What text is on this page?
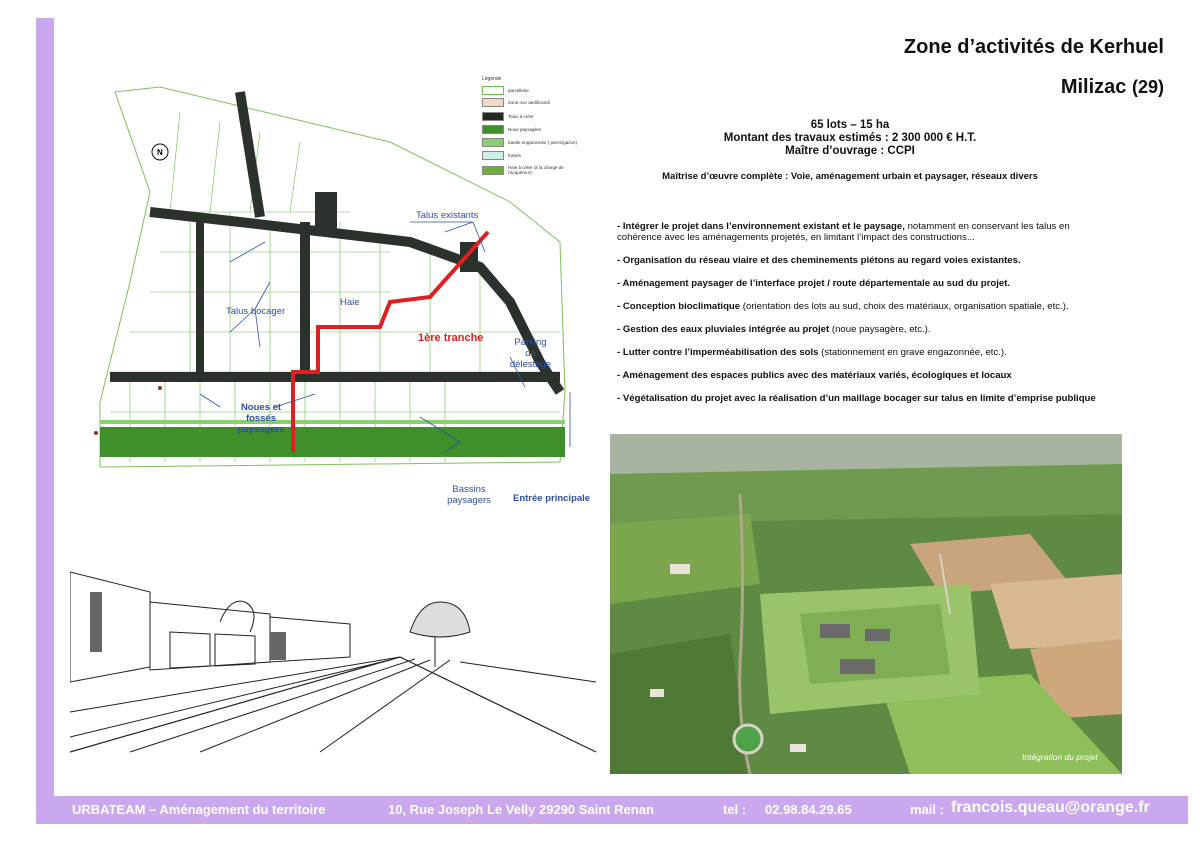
Zone d’activités de Kerhuel
Milizac (29)
65 lots – 15 ha
Montant des travaux estimés : 2 300 000 € H.T.
Maître d’ouvrage : CCPI
Maîtrise d’œuvre complète : Voie, aménagement urbain et paysager, réseaux divers
- Intégrer le projet dans l’environnement existant et le paysage, notamment en conservant les talus en cohérence avec les aménagements projetés, en limitant l’impact des constructions...
- Organisation du réseau viaire et des cheminements piétons au regard voies existantes.
- Aménagement paysager de l’interface projet / route départementale au sud du projet.
- Conception bioclimatique (orientation des lots au sud, choix des matériaux, organisation spatiale, etc.).
- Gestion des eaux pluviales intégrée au projet (noue paysagère, etc.).
- Lutter contre l’imperméabilisation des sols (stationnement en grave engazonnée, etc.).
- Aménagement des espaces publics avec des matériaux variés, écologiques et locaux
- Végétalisation du projet avec la réalisation d’un maillage bocager sur talus en limite d’emprise publique
N
Légende
parcellaire
Zone non aedificandi
Talus à créer
Noue paysagère
bande engazonnée ( pierre/gazon)
fossés
Haie à créer (à la charge de l’acquéreur)
Talus existants
Talus bocager
Haie
1ère tranche	Parking de délestage
Noues et fossés paysagers
Bassins paysagers	Entrée principale
Intégration du projet
URBATEAM – Aménagement du territoire	10, Rue Joseph Le Velly 29290 Saint Renan	tel : 02.98.84.29.65	mail : francois.queau@orange.fr
